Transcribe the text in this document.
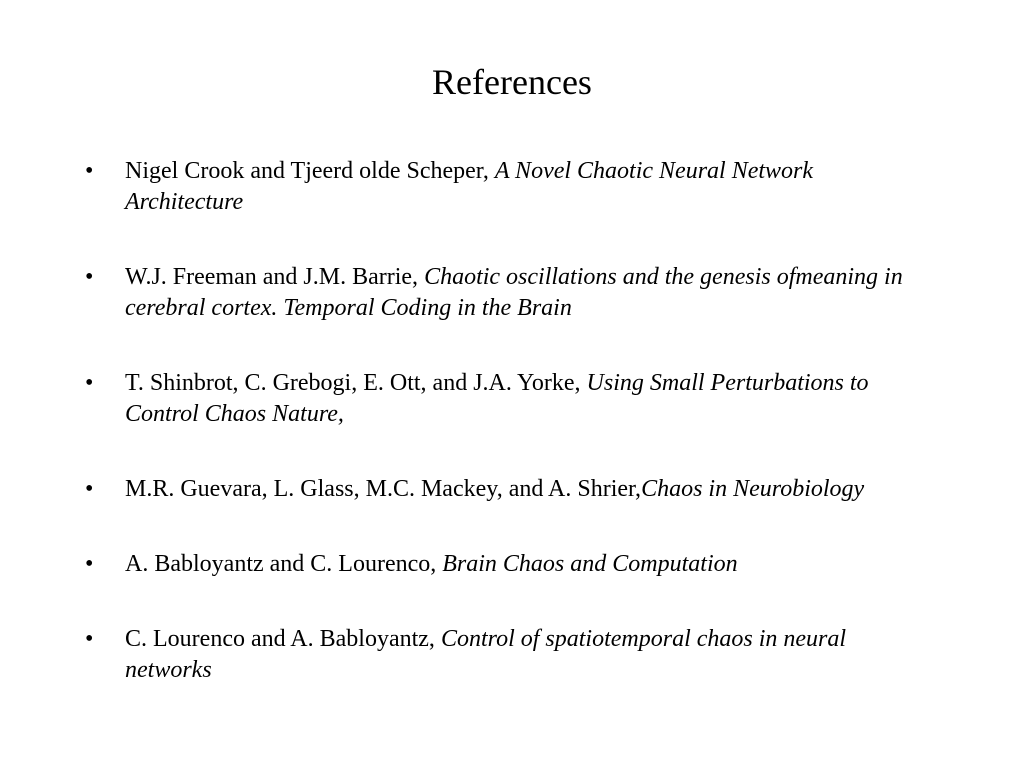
References
•	Nigel Crook and Tjeerd olde Scheper, A Novel Chaotic Neural Network Architecture
•	W.J. Freeman and J.M. Barrie, Chaotic oscillations and the genesis ofmeaning in cerebral cortex. Temporal Coding in the Brain
•	T. Shinbrot, C. Grebogi, E. Ott, and J.A. Yorke, Using Small Perturbations to Control Chaos Nature,
•	M.R. Guevara, L. Glass, M.C. Mackey, and A. Shrier,Chaos in Neurobiology
•	A. Babloyantz and C. Lourenco, Brain Chaos and Computation
•	C. Lourenco and A. Babloyantz, Control of spatiotemporal chaos in neural networks
